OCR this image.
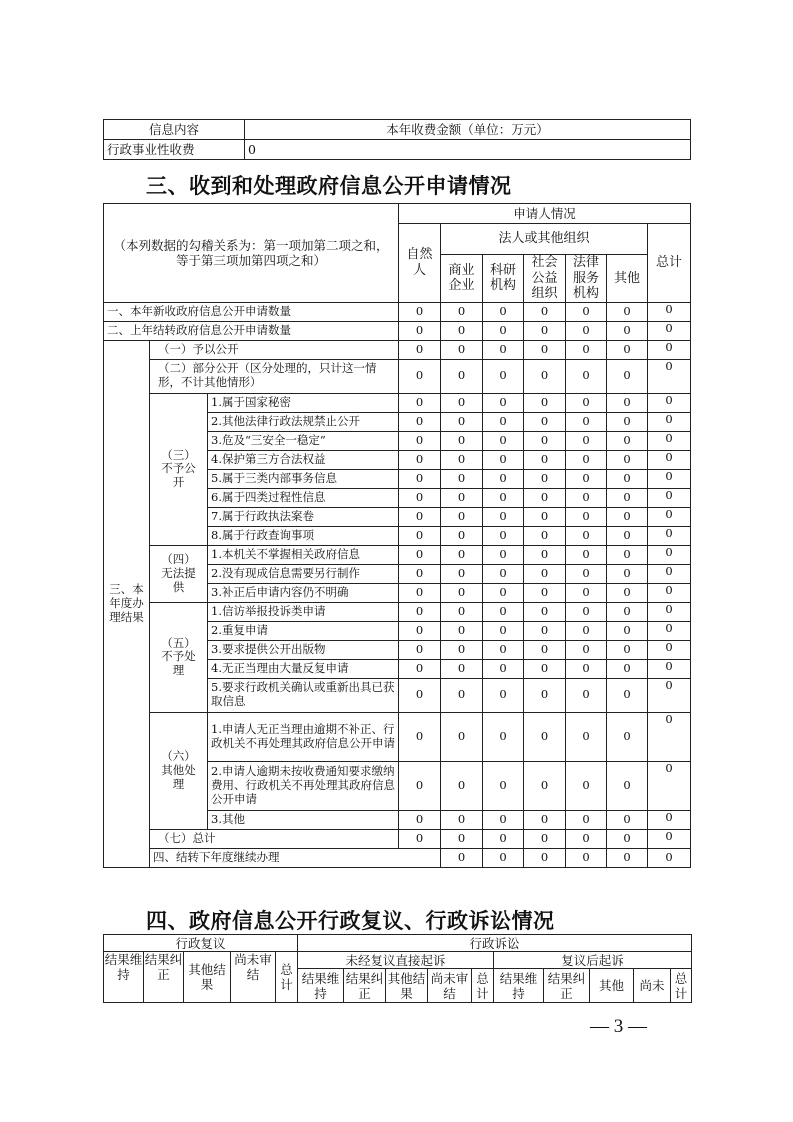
信息内容	本年收费金额（单位：万元）
行政事业性收费	0
三、收到和处理政府信息公开申请情况
（本列数据的勾稽关系为：第一项加第二项之和，等于第三项加第四项之和）			申请人情况							
			自然人	法人或其他组织					总计	
				商业企业	科研机构	社会公益组织	法律服务机构	其他		
一、本年新收政府信息公开申请数量			0	0	0	0	0	0	0	
二、上年结转政府信息公开申请数量			0	0	0	0	0	0	0	
三、本年度办理结果	（一）予以公开		0	0	0	0	0	0	0	
	（二）部分公开（区分处理的，只计这一情形，不计其他情形）		0	0	0	0	0	0	0	
	（三）不予公开	1.属于国家秘密	0	0	0	0	0	0	0	
		2.其他法律行政法规禁止公开	0	0	0	0	0	0	0	
		3.危及“三安全一稳定”	0	0	0	0	0	0	0	
		4.保护第三方合法权益	0	0	0	0	0	0	0	
		5.属于三类内部事务信息	0	0	0	0	0	0	0	
		6.属于四类过程性信息	0	0	0	0	0	0	0	
		7.属于行政执法案卷	0	0	0	0	0	0	0	
		8.属于行政查询事项	0	0	0	0	0	0	0	
	（四）无法提供	1.本机关不掌握相关政府信息	0	0	0	0	0	0	0	
		2.没有现成信息需要另行制作	0	0	0	0	0	0	0	
		3.补正后申请内容仍不明确	0	0	0	0	0	0	0	
	（五）不予处理	1.信访举报投诉类申请	0	0	0	0	0	0	0	
		2.重复申请	0	0	0	0	0	0	0	
		3.要求提供公开出版物	0	0	0	0	0	0	0	
		4.无正当理由大量反复申请	0	0	0	0	0	0	0	
		5.要求行政机关确认或重新出具已获取信息	0	0	0	0	0	0	0	
	（六）其他处理	1.申请人无正当理由逾期不补正、行政机关不再处理其政府信息公开申请	0	0	0	0	0	0	0	
		2.申请人逾期未按收费通知要求缴纳费用、行政机关不再处理其政府信息公开申请	0	0	0	0	0	0	0	
		3.其他	0	0	0	0	0	0	0	
	（七）总计		0	0	0	0	0	0	0	
	四、结转下年度继续办理			0	0	0	0	0	0	
四、政府信息公开行政复议、行政诉讼情况
行政复议					行政诉讼									
结果维持	结果纠正	其他结果	尚未审结	总计	未经复议直接起诉					复议后起诉				
					结果维持	结果纠正	其他结果	尚未审结	总计	结果维持	结果纠正	其他	尚未	总计
— 3 —
